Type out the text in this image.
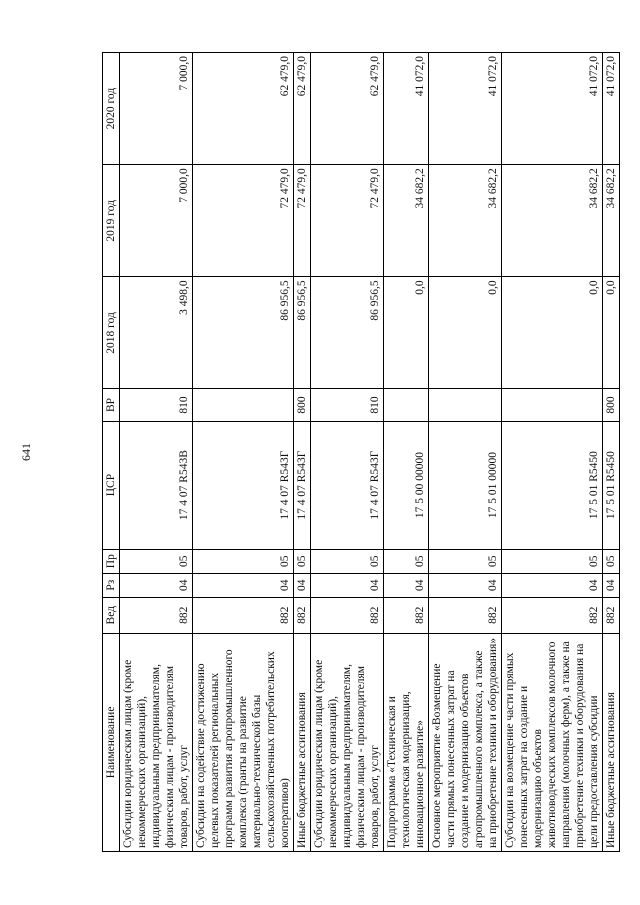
641
Наименование	Вед	Рз	Пр	ЦСР	ВР	2018 год	2019 год	2020 год
Субсидии юридическим лицам (кроме некоммерческих организаций), индивидуальным предпринимателям, физическим лицам - производителям товаров, работ, услуг	882	04	05	17 4 07 R543В	810	3 498,0	7 000,0	7 000,0
Субсидии на содействие достижению целевых показателей региональных программ развития агропромышленного комплекса (гранты на развитие материально-технической базы сельскохозяйственных потребительских кооперативов)	882	04	05	17 4 07 R543Г		86 956,5	72 479,0	62 479,0
Иные бюджетные ассигнования	882	04	05	17 4 07 R543Г	800	86 956,5	72 479,0	62 479,0
Субсидии юридическим лицам (кроме некоммерческих организаций), индивидуальным предпринимателям, физическим лицам - производителям товаров, работ, услуг	882	04	05	17 4 07 R543Г	810	86 956,5	72 479,0	62 479,0
Подпрограмма «Техническая и технологическая модернизация, инновационное развитие»	882	04	05	17 5 00 00000		0,0	34 682,2	41 072,0
Основное мероприятие «Возмещение части прямых понесенных затрат на создание и модернизацию объектов агропромышленного комплекса, а также на приобретение техники и оборудования»	882	04	05	17 5 01 00000		0,0	34 682,2	41 072,0
Субсидии на возмещение части прямых понесенных затрат на создание и модернизацию объектов животноводческих комплексов молочного направления (молочных ферм), а также на приобретение техники и оборудования на цели предоставления субсидии	882	04	05	17 5 01 R5450		0,0	34 682,2	41 072,0
Иные бюджетные ассигнования	882	04	05	17 5 01 R5450	800	0,0	34 682,2	41 072,0
